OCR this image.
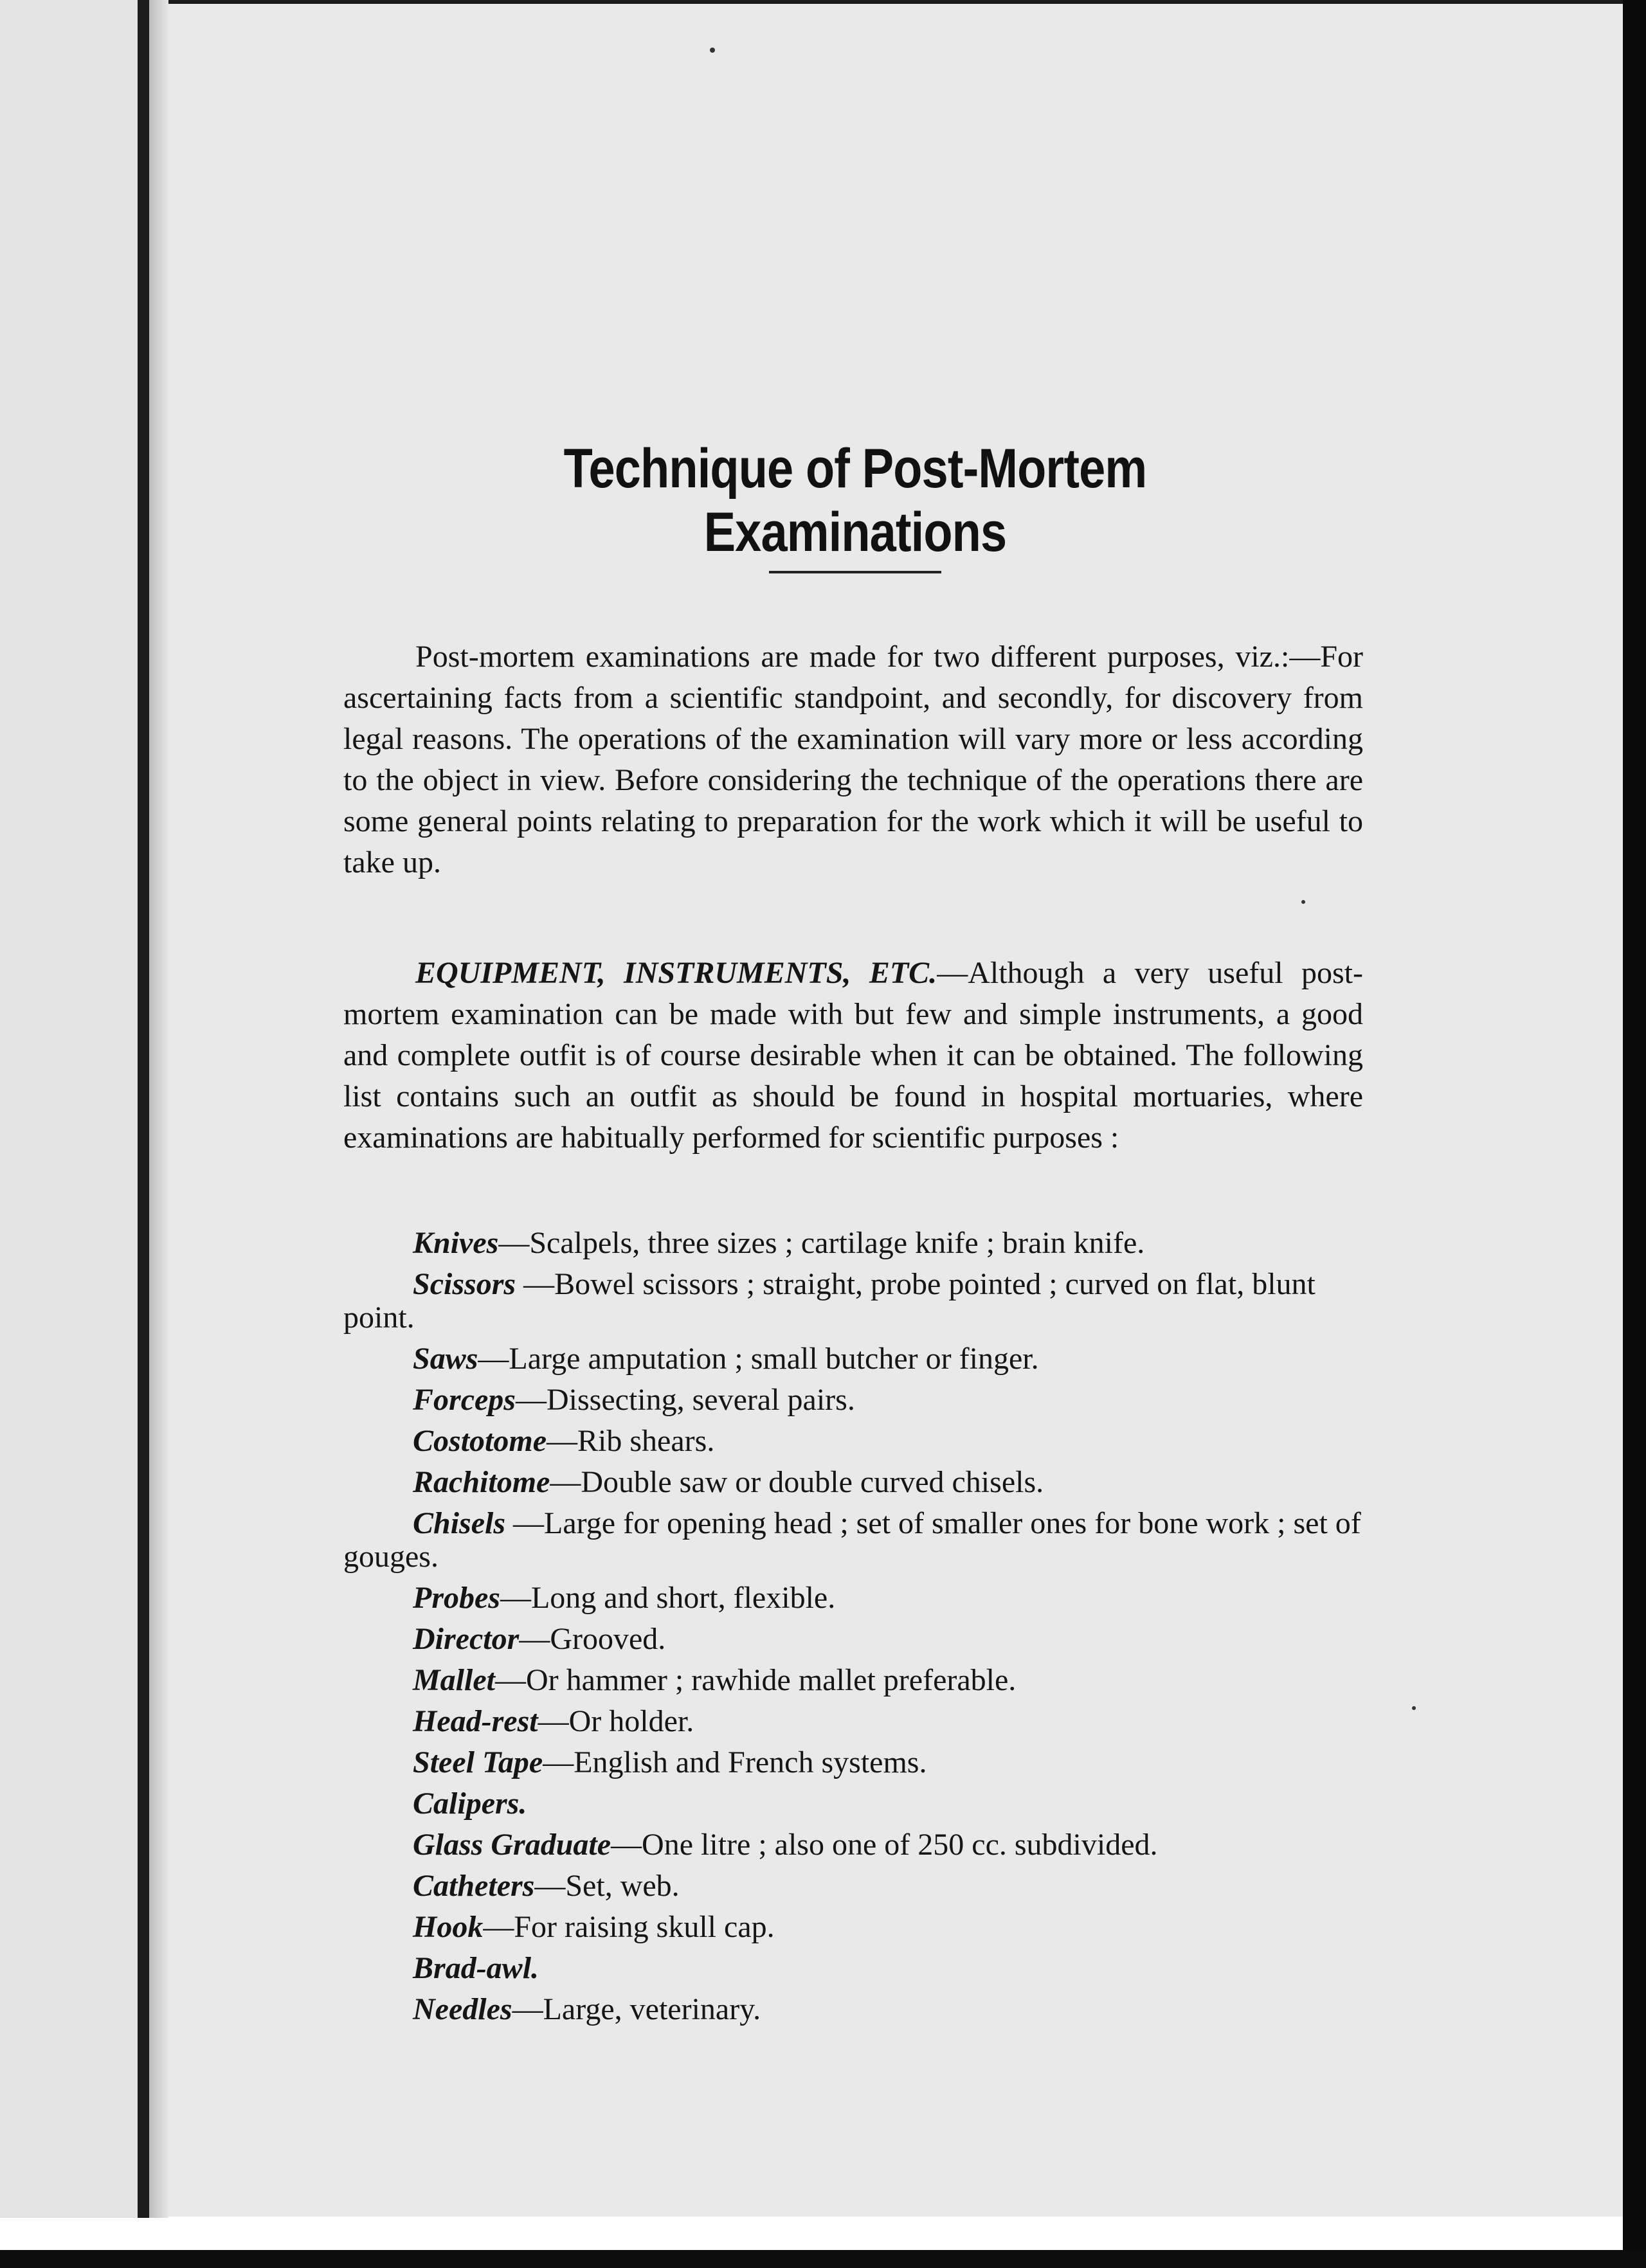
Technique of Post-Mortem Examinations

Post-mortem examinations are made for two different purposes, viz.:—For ascertaining facts from a scientific standpoint, and secondly, for discovery from legal reasons. The operations of the examination will vary more or less according to the object in view. Before considering the technique of the operations there are some general points relating to preparation for the work which it will be useful to take up.

EQUIPMENT, INSTRUMENTS, ETC.—Although a very useful post-mortem examination can be made with but few and simple instruments, a good and complete outfit is of course desirable when it can be obtained. The following list contains such an outfit as should be found in hospital mortuaries, where examinations are habitually performed for scientific purposes :

Knives—Scalpels, three sizes ; cartilage knife ; brain knife.
Scissors —Bowel scissors ; straight, probe pointed ; curved on flat, blunt point.
Saws—Large amputation ; small butcher or finger.
Forceps—Dissecting, several pairs.
Costotome—Rib shears.
Rachitome—Double saw or double curved chisels.
Chisels —Large for opening head ; set of smaller ones for bone work ; set of gouges.
Probes—Long and short, flexible.
Director—Grooved.
Mallet—Or hammer ; rawhide mallet preferable.
Head-rest—Or holder.
Steel Tape—English and French systems.
Calipers.
Glass Graduate—One litre ; also one of 250 cc. subdivided.
Catheters—Set, web.
Hook—For raising skull cap.
Brad-awl.
Needles—Large, veterinary.
